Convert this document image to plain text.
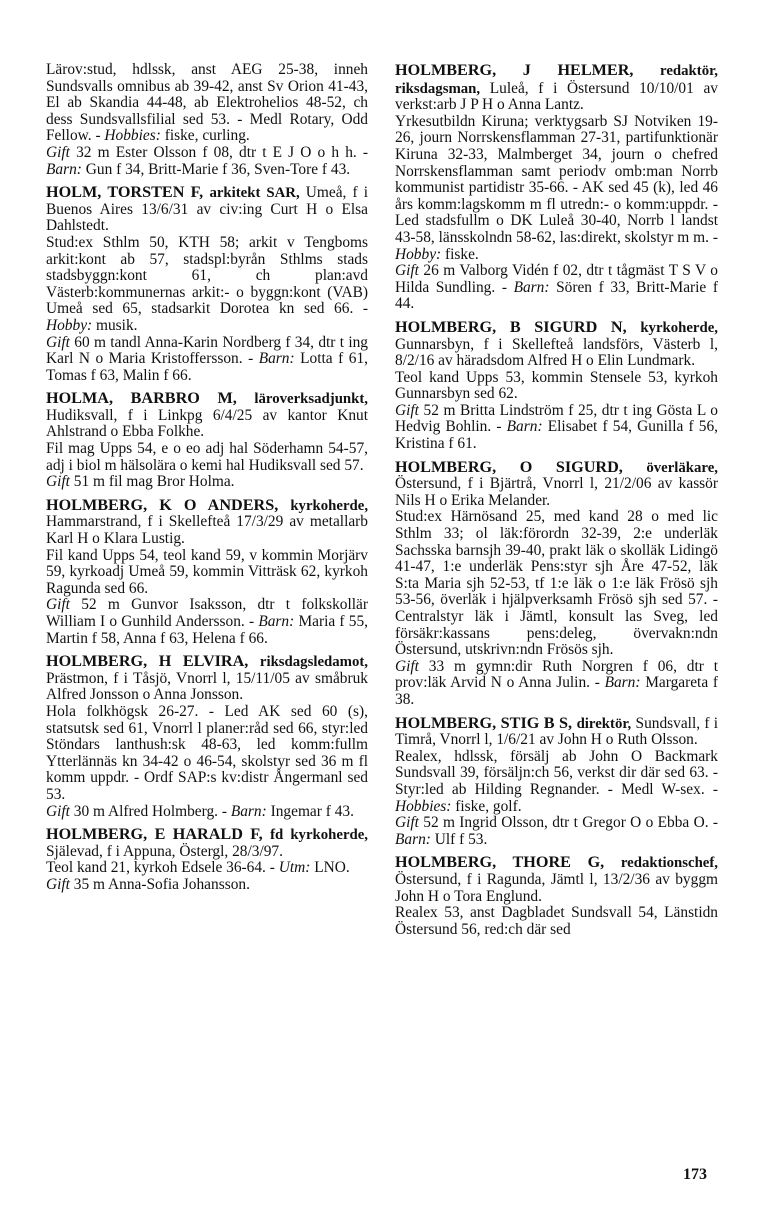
Lärov:stud, hdlssk, anst AEG 25-38, inneh Sundsvalls omnibus ab 39-42, anst Sv Orion 41-43, El ab Skandia 44-48, ab Elektrohelios 48-52, ch dess Sundsvallsfilial sed 53. - Medl Rotary, Odd Fellow. - Hobbies: fiske, curling.

Gift 32 m Ester Olsson f 08, dtr t E J O o h h. - Barn: Gun f 34, Britt-Marie f 36, Sven-Tore f 43.

HOLM, TORSTEN F, arkitekt SAR, Umeå, f i Buenos Aires 13/6/31 av civ:ing Curt H o Elsa Dahlstedt.

Stud:ex Sthlm 50, KTH 58; arkit v Tengboms arkit:kont ab 57, stadspl:byrån Sthlms stads stadsbyggn:kont 61, ch plan:avd Västerb:kommunernas arkit:- o byggn:kont (VAB) Umeå sed 65, stadsarkit Dorotea kn sed 66. - Hobby: musik.

Gift 60 m tandl Anna-Karin Nordberg f 34, dtr t ing Karl N o Maria Kristoffersson. - Barn: Lotta f 61, Tomas f 63, Malin f 66.

HOLMA, BARBRO M, läroverksadjunkt, Hudiksvall, f i Linkpg 6/4/25 av kantor Knut Ahlstrand o Ebba Folkhe.

Fil mag Upps 54, e o eo adj hal Söderhamn 54-57, adj i biol m hälsolära o kemi hal Hudiksvall sed 57.

Gift 51 m fil mag Bror Holma.

HOLMBERG, K O ANDERS, kyrkoherde, Hammarstrand, f i Skellefteå 17/3/29 av metallarb Karl H o Klara Lustig.

Fil kand Upps 54, teol kand 59, v kommin Morjärv 59, kyrkoadj Umeå 59, kommin Vitträsk 62, kyrkoh Ragunda sed 66.

Gift 52 m Gunvor Isaksson, dtr t folkskollär William I o Gunhild Andersson. - Barn: Maria f 55, Martin f 58, Anna f 63, Helena f 66.

HOLMBERG, H ELVIRA, riksdagsledamot, Prästmon, f i Tåsjö, Vnorrl l, 15/11/05 av småbruk Alfred Jonsson o Anna Jonsson.

Hola folkhögsk 26-27. - Led AK sed 60 (s), statsutsk sed 61, Vnorrl l planer:råd sed 66, styr:led Stöndars lanthush:sk 48-63, led komm:fullm Ytterlännäs kn 34-42 o 46-54, skolstyr sed 36 m fl komm uppdr. - Ordf SAP:s kv:distr Ångermanl sed 53.

Gift 30 m Alfred Holmberg. - Barn: Ingemar f 43.

HOLMBERG, E HARALD F, fd kyrkoherde, Själevad, f i Appuna, Östergl, 28/3/97.

Teol kand 21, kyrkoh Edsele 36-64. - Utm: LNO.

Gift 35 m Anna-Sofia Johansson.

HOLMBERG, J HELMER, redaktör, riksdagsman, Luleå, f i Östersund 10/10/01 av verkst:arb J P H o Anna Lantz.

Yrkesutbildn Kiruna; verktygsarb SJ Notviken 19-26, journ Norrskensflamman 27-31, partifunktionär Kiruna 32-33, Malmberget 34, journ o chefred Norrskensflamman samt periodv omb:man Norrb kommunist partidistr 35-66. - AK sed 45 (k), led 46 års komm:lagskomm m fl utredn:- o komm:uppdr. - Led stadsfullm o DK Luleå 30-40, Norrb l landst 43-58, länsskolndn 58-62, las:direkt, skolstyr m m. - Hobby: fiske.

Gift 26 m Valborg Vidén f 02, dtr t tågmäst T S V o Hilda Sundling. - Barn: Sören f 33, Britt-Marie f 44.

HOLMBERG, B SIGURD N, kyrkoherde, Gunnarsbyn, f i Skellefteå landsförs, Västerb l, 8/2/16 av häradsdom Alfred H o Elin Lundmark.

Teol kand Upps 53, kommin Stensele 53, kyrkoh Gunnarsbyn sed 62.

Gift 52 m Britta Lindström f 25, dtr t ing Gösta L o Hedvig Bohlin. - Barn: Elisabet f 54, Gunilla f 56, Kristina f 61.

HOLMBERG, O SIGURD, överläkare, Östersund, f i Bjärtrå, Vnorrl l, 21/2/06 av kassör Nils H o Erika Melander.

Stud:ex Härnösand 25, med kand 28 o med lic Sthlm 33; ol läk:förordn 32-39, 2:e underläk Sachsska barnsjh 39-40, prakt läk o skolläk Lidingö 41-47, 1:e underläk Pens:styr sjh Åre 47-52, läk S:ta Maria sjh 52-53, tf 1:e läk o 1:e läk Frösö sjh 53-56, överläk i hjälpverksamh Frösö sjh sed 57. - Centralstyr läk i Jämtl, konsult las Sveg, led försäkr:kassans pens:deleg, övervakn:ndn Östersund, utskrivn:ndn Frösös sjh.

Gift 33 m gymn:dir Ruth Norgren f 06, dtr t prov:läk Arvid N o Anna Julin. - Barn: Margareta f 38.

HOLMBERG, STIG B S, direktör, Sundsvall, f i Timrå, Vnorrl l, 1/6/21 av John H o Ruth Olsson.

Realex, hdlssk, försälj ab John O Backmark Sundsvall 39, försäljn:ch 56, verkst dir där sed 63. - Styr:led ab Hilding Regnander. - Medl W-sex. - Hobbies: fiske, golf.

Gift 52 m Ingrid Olsson, dtr t Gregor O o Ebba O. - Barn: Ulf f 53.

HOLMBERG, THORE G, redaktionschef, Östersund, f i Ragunda, Jämtl l, 13/2/36 av byggm John H o Tora Englund.

Realex 53, anst Dagbladet Sundsvall 54, Länstidn Östersund 56, red:ch där sed

173
